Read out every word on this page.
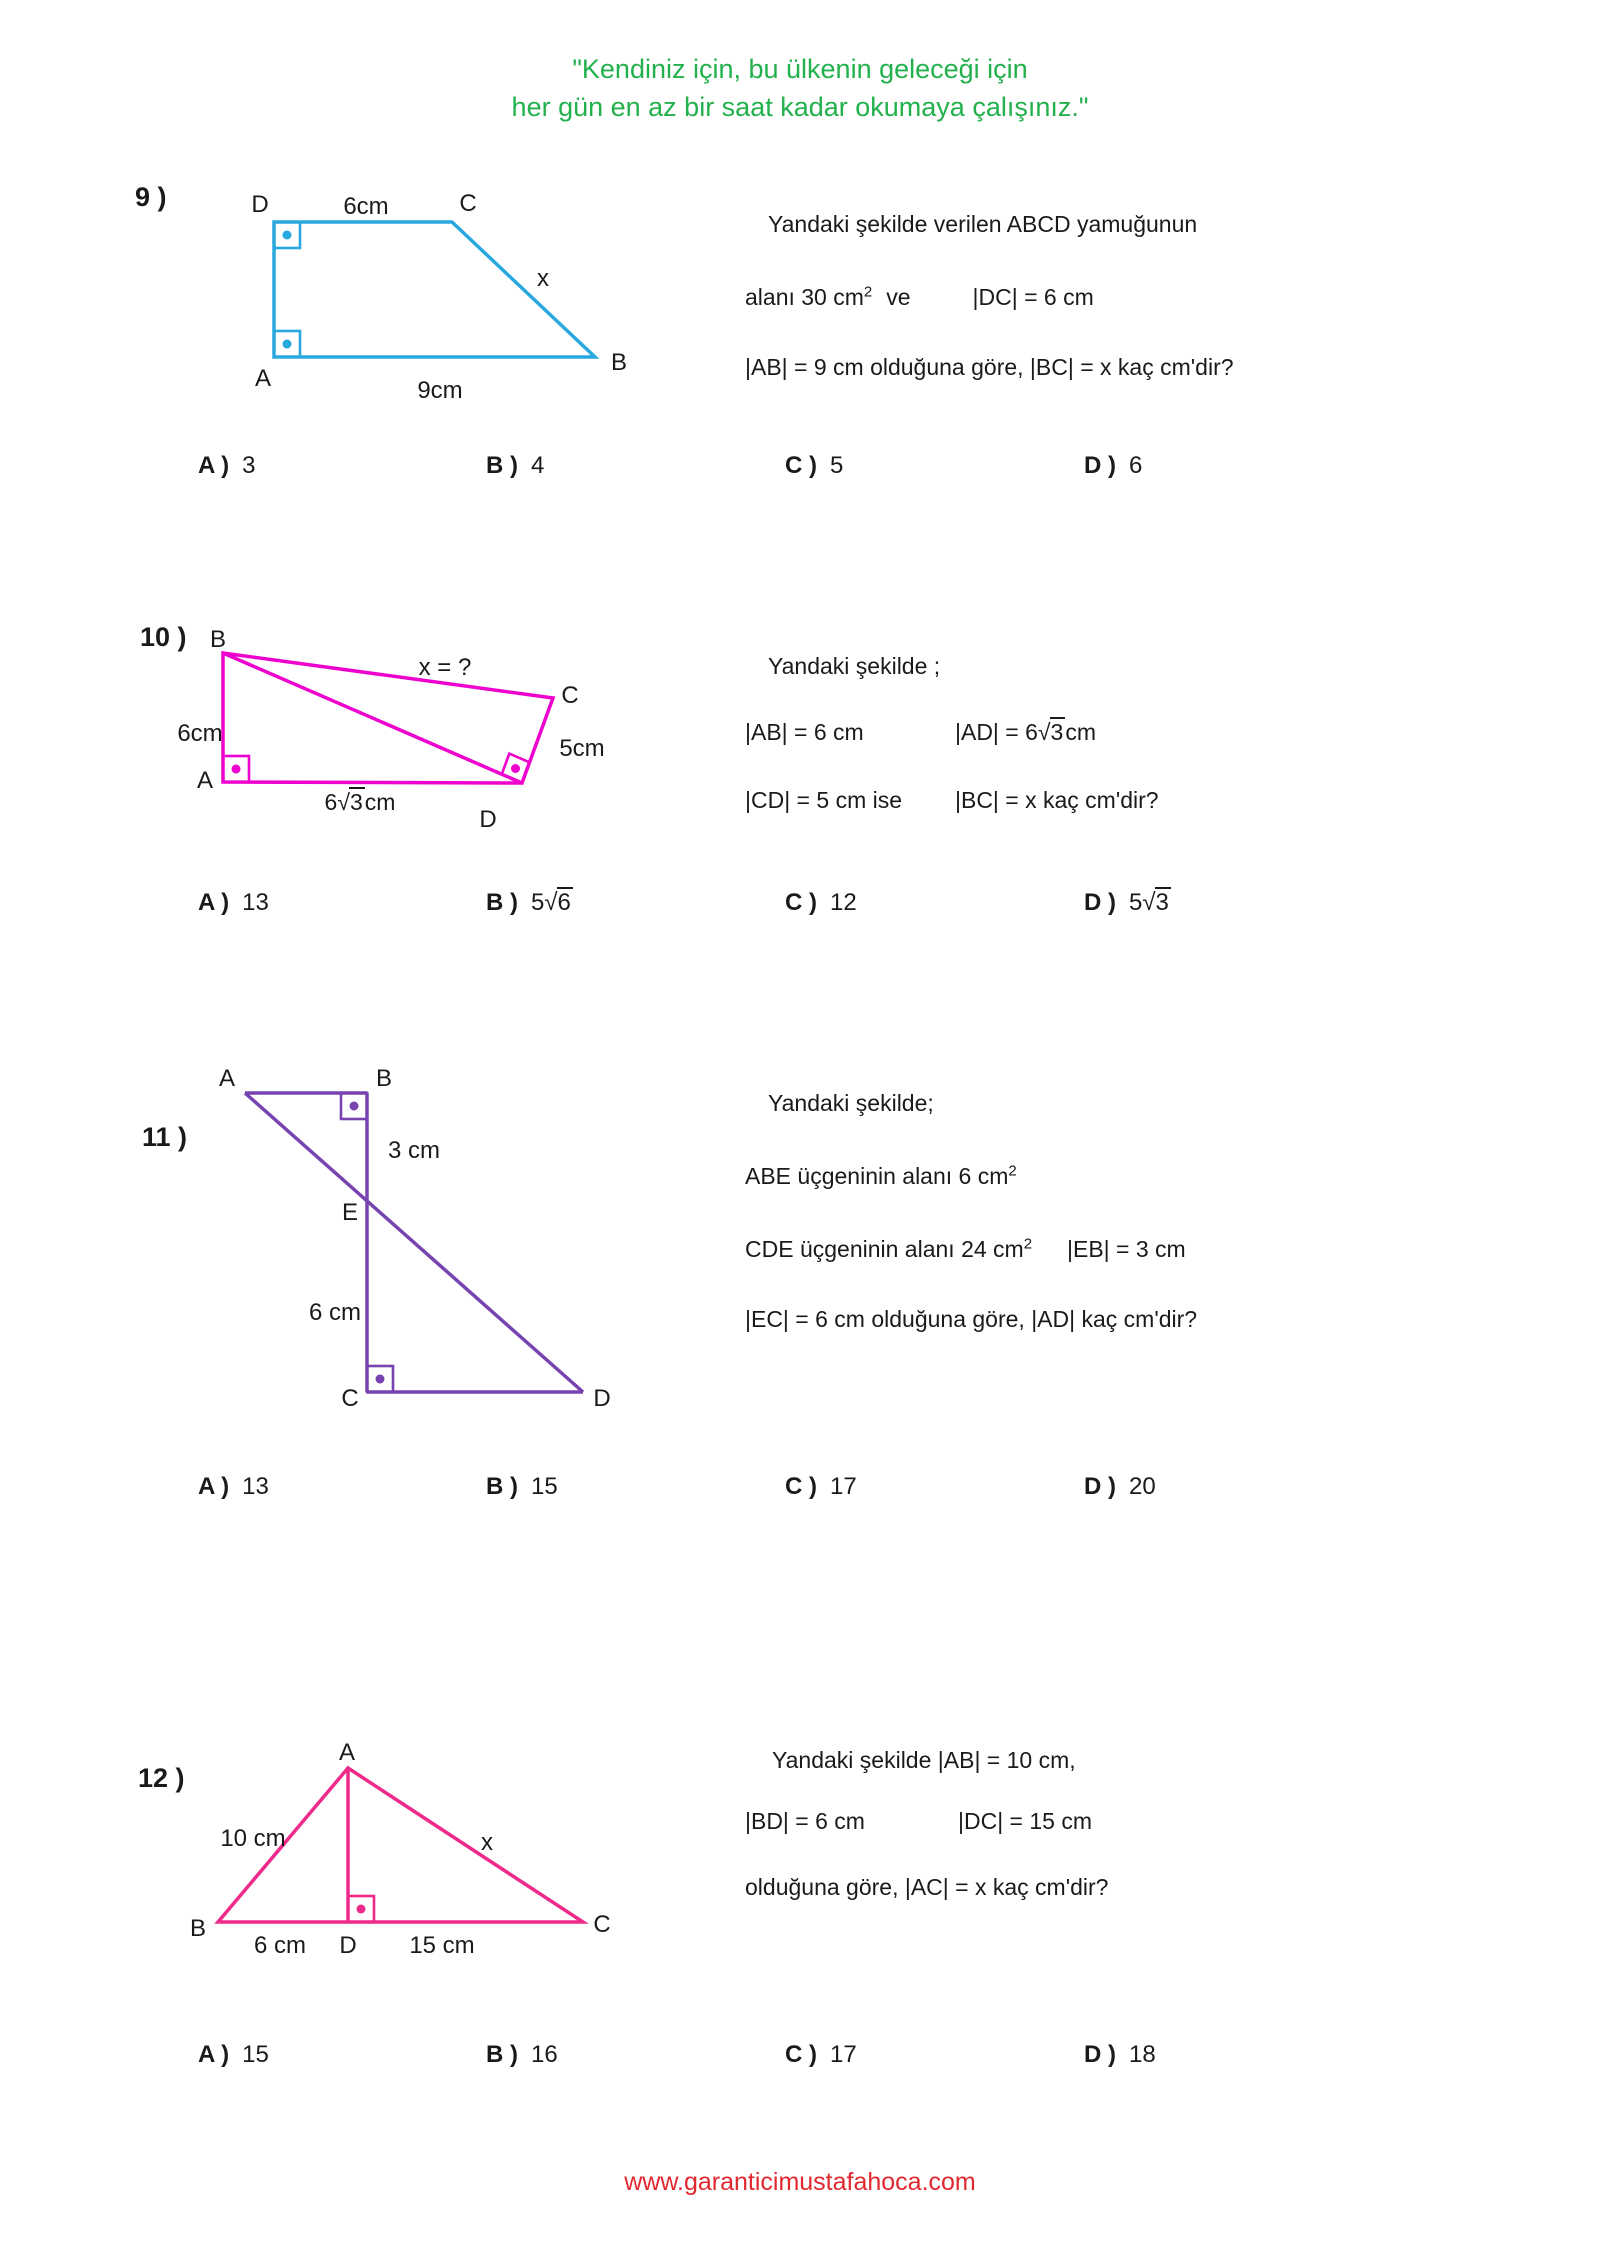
"Kendiniz için, bu ülkenin geleceği için
her gün en az bir saat kadar okumaya çalışınız."
9 )	D	6cm	C
x
B
A	9cm
Yandaki şekilde verilen ABCD yamuğunun
alanı 30 $cm^2$ ve	|DC| = 6 cm
|AB| = 9 cm olduğuna göre, |BC| = x kaç cm'dir?
A ) 3	B ) 4	C ) 5	D ) 6
10 ) B
x = ?
C
6cm
5cm
A
D
6√3cm
Yandaki şekilde ;
|AB| = 6 cm	|AD| = 6√3cm
|CD| = 5 cm ise |BC| = x kaç cm'dir?
A ) 13	B ) 5√6	C ) 12	D ) 5√3
11 )
A	B
3 cm
E
6 cm
C	D
Yandaki şekilde;
ABE üçgeninin alanı 6 $cm^2$
CDE üçgeninin alanı 24 $cm^2$ |EB| = 3 cm
|EC| = 6 cm olduğuna göre, |AD| kaç cm'dir?
A ) 13	B ) 15	C ) 17	D ) 20
12 )
A
10 cm	x
B
6 cm D 15 cm
C
Yandaki şekilde |AB| = 10 cm,
|BD| = 6 cm	|DC| = 15 cm
olduğuna göre, |AC| = x kaç cm'dir?
A ) 15	B ) 16	C ) 17	D ) 18
www.garanticimustafahoca.com
